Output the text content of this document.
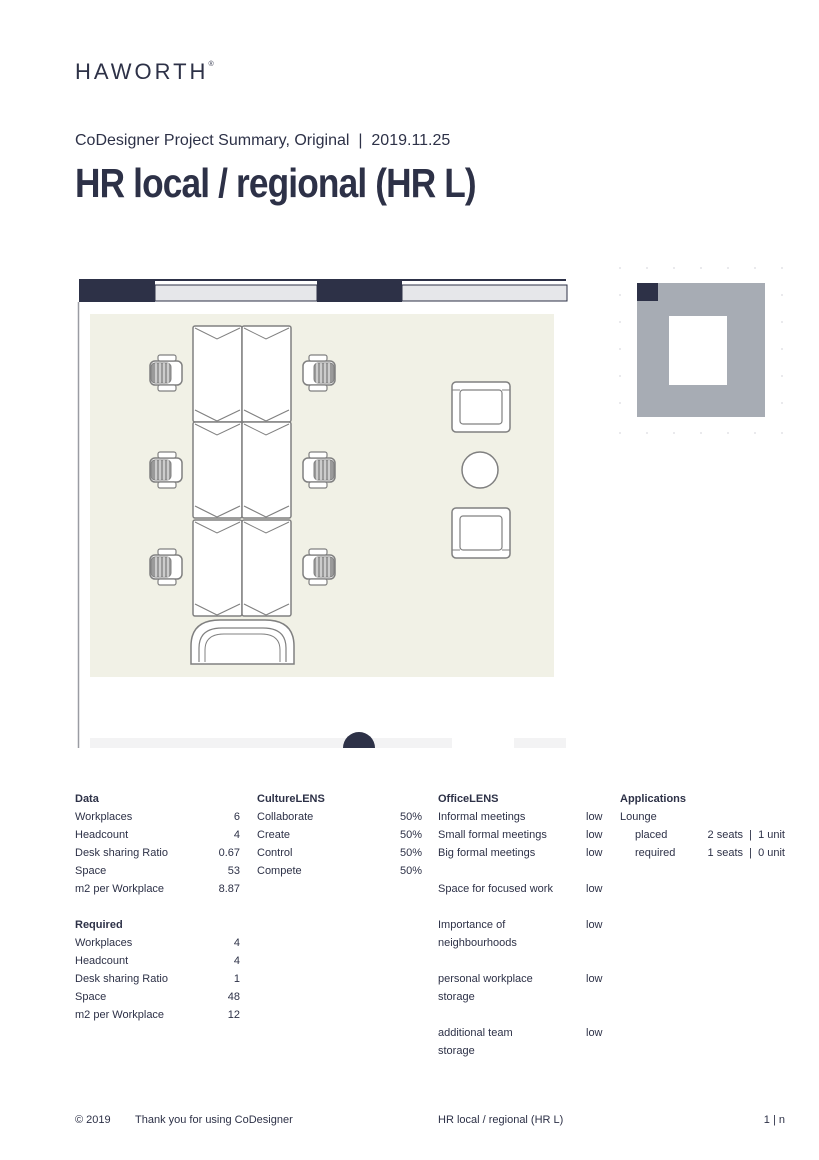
HAWORTH®
CoDesigner Project Summary, Original  |  2019.11.25
HR local / regional (HR L)
Data
Workplaces	6
Headcount	4
Desk sharing Ratio	0.67
Space	53
m2 per Workplace	8.87
Required
Workplaces	4
Headcount	4
Desk sharing Ratio	1
Space	48
m2 per Workplace	12
CultureLENS
Collaborate	50%
Create	50%
Control	50%
Compete	50%
OfficeLENS
Informal meetings	low
Small formal meetings	low
Big formal meetings	low
Space for focused work	low
Importance of	low
neighbourhoods
personal workplace	low
storage
additional team	low
storage
Applications
Lounge
placed	2 seats  |  1 unit
required	1 seats  |  0 unit
© 2019 Thank you for using CoDesigner	HR local / regional (HR L)	1 | n
